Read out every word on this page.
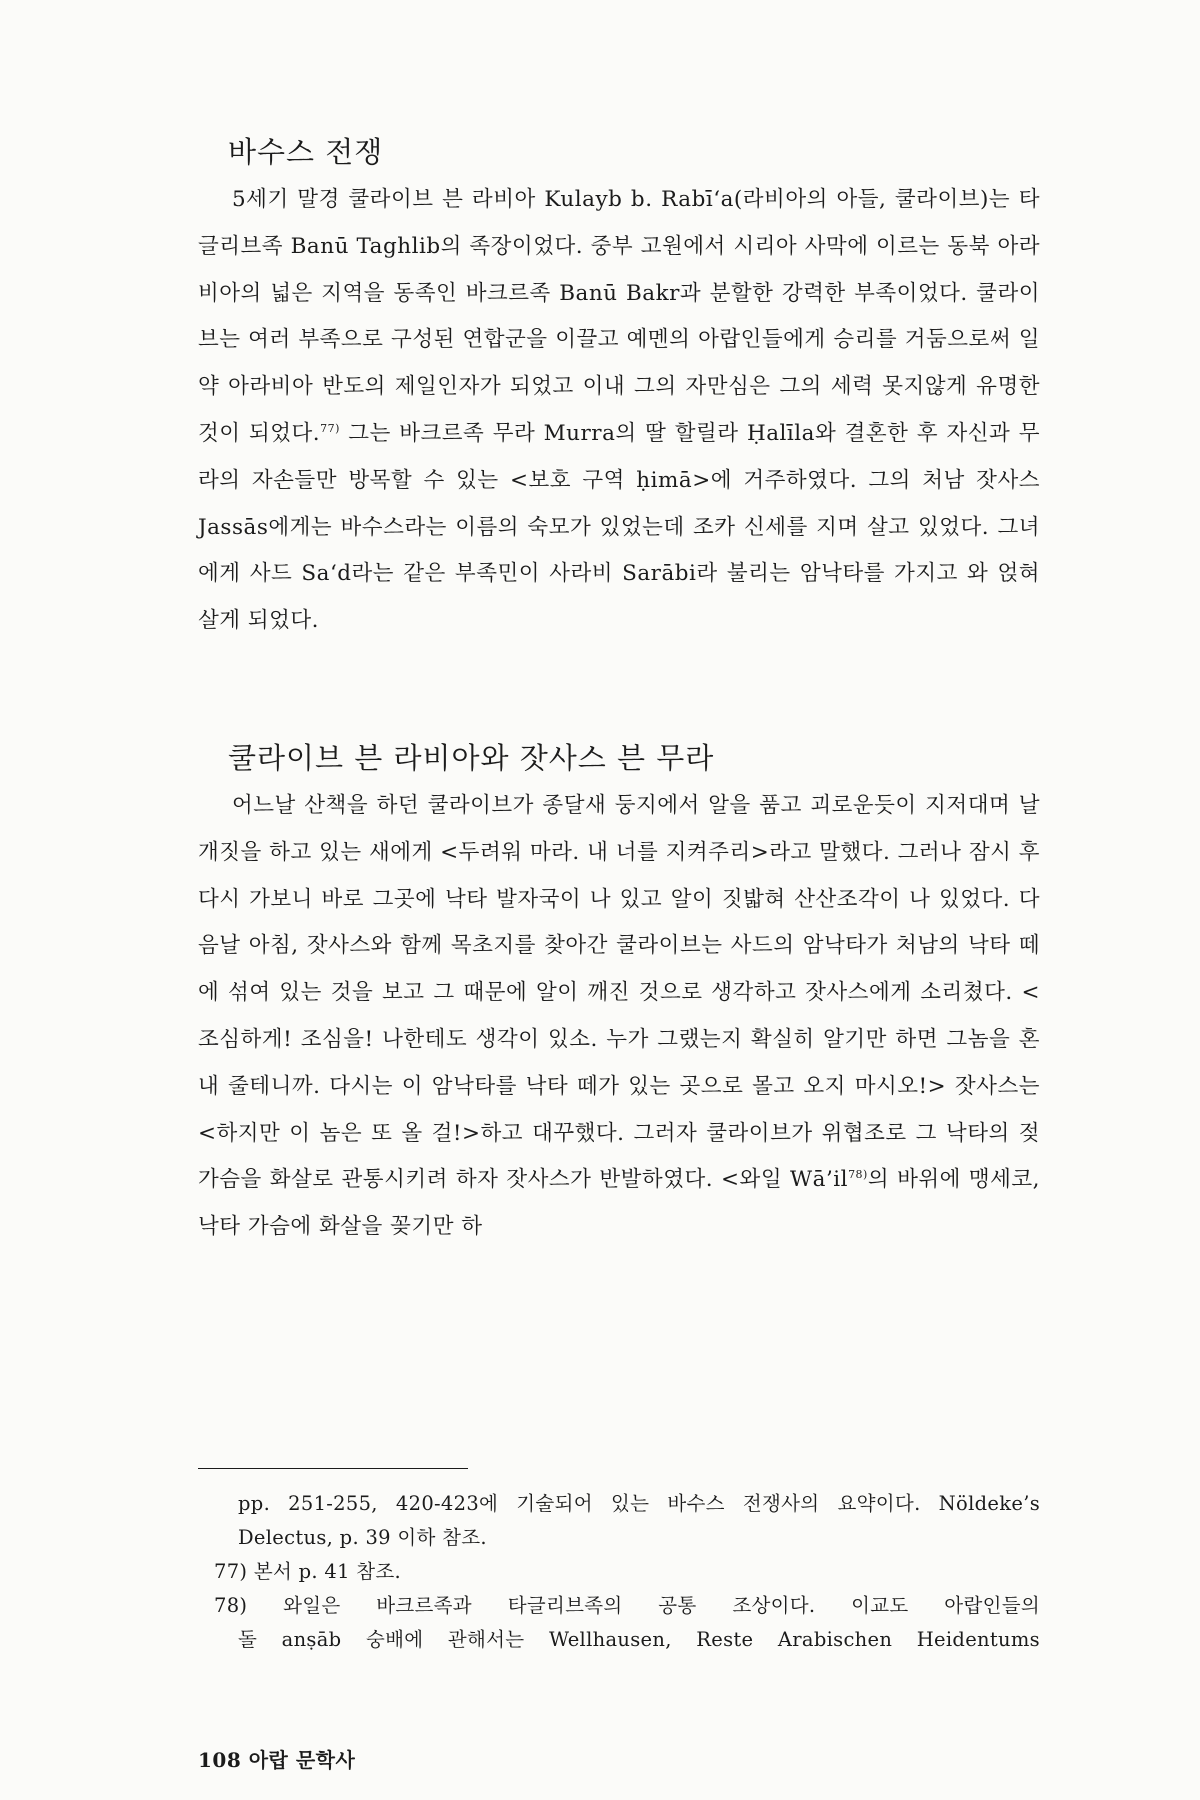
바수스 전쟁

5세기 말경 쿨라이브 븐 라비아 Kulayb b. Rabī‘a(라비아의 아들, 쿨라이브)는 타글리브족 Banū Taghlib의 족장이었다. 중부 고원에서 시리아 사막에 이르는 동북 아라비아의 넓은 지역을 동족인 바크르족 Banū Bakr과 분할한 강력한 부족이었다. 쿨라이브는 여러 부족으로 구성된 연합군을 이끌고 예멘의 아랍인들에게 승리를 거둠으로써 일약 아라비아 반도의 제일인자가 되었고 이내 그의 자만심은 그의 세력 못지않게 유명한 것이 되었다.$^{77)}$ 그는 바크르족 무라 Murra의 딸 할릴라 Ḥalīla와 결혼한 후 자신과 무라의 자손들만 방목할 수 있는 <보호 구역 ḥimā>에 거주하였다. 그의 처남 잣사스 Jassās에게는 바수스라는 이름의 숙모가 있었는데 조카 신세를 지며 살고 있었다. 그녀에게 사드 Sa‘d라는 같은 부족민이 사라비 Sarābi라 불리는 암낙타를 가지고 와 얹혀살게 되었다.

쿨라이브 븐 라비아와 잣사스 븐 무라

어느날 산책을 하던 쿨라이브가 종달새 둥지에서 알을 품고 괴로운듯이 지저대며 날개짓을 하고 있는 새에게 <두려워 마라. 내 너를 지켜주리>라고 말했다. 그러나 잠시 후 다시 가보니 바로 그곳에 낙타 발자국이 나 있고 알이 짓밟혀 산산조각이 나 있었다. 다음날 아침, 잣사스와 함께 목초지를 찾아간 쿨라이브는 사드의 암낙타가 처남의 낙타 떼에 섞여 있는 것을 보고 그 때문에 알이 깨진 것으로 생각하고 잣사스에게 소리쳤다. <조심하게! 조심을! 나한테도 생각이 있소. 누가 그랬는지 확실히 알기만 하면 그놈을 혼내 줄테니까. 다시는 이 암낙타를 낙타 떼가 있는 곳으로 몰고 오지 마시오!> 잣사스는 <하지만 이 놈은 또 올 걸!>하고 대꾸했다. 그러자 쿨라이브가 위협조로 그 낙타의 젖가슴을 화살로 관통시키려 하자 잣사스가 반발하였다. <와일 $Wā’il^{78)}$의 바위에 맹세코, 낙타 가슴에 화살을 꽂기만 하

pp. 251-255, 420-423에 기술되어 있는 바수스 전쟁사의 요약이다. Nöldeke’s Delectus, p. 39 이하 참조.

77) 본서 p. 41 참조.

78) 와일은 바크르족과 타글리브족의 공통 조상이다. 이교도 아랍인들의

돌 anṣāb 숭배에 관해서는 Wellhausen, Reste Arabischen Heidentums

108 아랍 문학사
